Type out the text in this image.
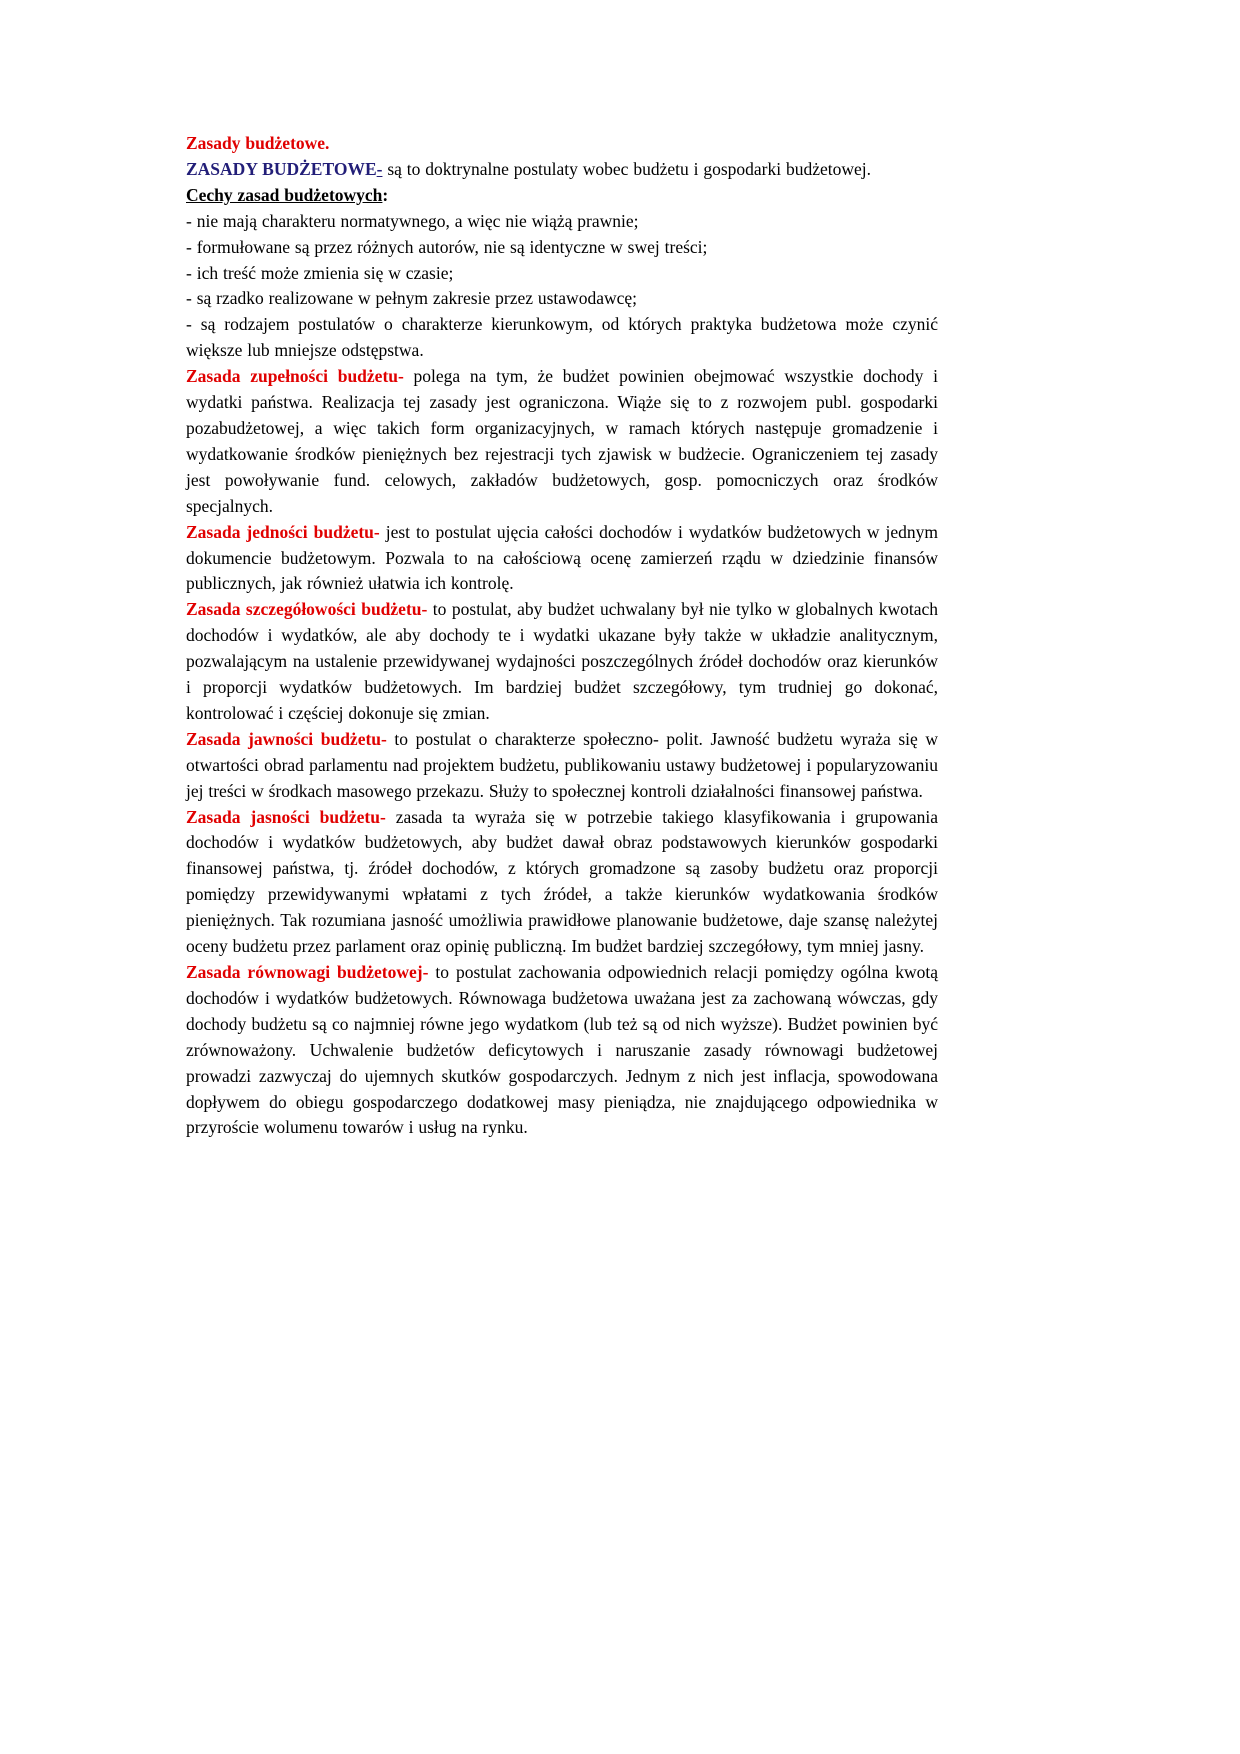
Zasady budżetowe.

ZASADY BUDŻETOWE- są to doktrynalne postulaty wobec budżetu i gospodarki budżetowej.

Cechy zasad budżetowych:

- nie mają charakteru normatywnego, a więc nie wiążą prawnie;

- formułowane są przez różnych autorów, nie są identyczne w swej treści;

- ich treść może zmienia się w czasie;

- są rzadko realizowane w pełnym zakresie przez ustawodawcę;

- są rodzajem postulatów o charakterze kierunkowym, od których praktyka budżetowa może czynić większe lub mniejsze odstępstwa.

Zasada zupełności budżetu- polega na tym, że budżet powinien obejmować wszystkie dochody i wydatki państwa. Realizacja tej zasady jest ograniczona. Wiąże się to z rozwojem publ. gospodarki pozabudżetowej, a więc takich form organizacyjnych, w ramach których następuje gromadzenie i wydatkowanie środków pieniężnych bez rejestracji tych zjawisk w budżecie. Ograniczeniem tej zasady jest powoływanie fund. celowych, zakładów budżetowych, gosp. pomocniczych oraz środków specjalnych.

Zasada jedności budżetu- jest to postulat ujęcia całości dochodów i wydatków budżetowych w jednym dokumencie budżetowym. Pozwala to na całościową ocenę zamierzeń rządu w dziedzinie finansów publicznych, jak również ułatwia ich kontrolę.

Zasada szczegółowości budżetu- to postulat, aby budżet uchwalany był nie tylko w globalnych kwotach dochodów i wydatków, ale aby dochody te i wydatki ukazane były także w układzie analitycznym, pozwalającym na ustalenie przewidywanej wydajności poszczególnych źródeł dochodów oraz kierunków i proporcji wydatków budżetowych. Im bardziej budżet szczegółowy, tym trudniej go dokonać, kontrolować i częściej dokonuje się zmian.

Zasada jawności budżetu- to postulat o charakterze społeczno- polit. Jawność budżetu wyraża się w otwartości obrad parlamentu nad projektem budżetu, publikowaniu ustawy budżetowej i popularyzowaniu jej treści w środkach masowego przekazu. Służy to społecznej kontroli działalności finansowej państwa.

Zasada jasności budżetu- zasada ta wyraża się w potrzebie takiego klasyfikowania i grupowania dochodów i wydatków budżetowych, aby budżet dawał obraz podstawowych kierunków gospodarki finansowej państwa, tj. źródeł dochodów, z których gromadzone są zasoby budżetu oraz proporcji pomiędzy przewidywanymi wpłatami z tych źródeł, a także kierunków wydatkowania środków pieniężnych. Tak rozumiana jasność umożliwia prawidłowe planowanie budżetowe, daje szansę należytej oceny budżetu przez parlament oraz opinię publiczną. Im budżet bardziej szczegółowy, tym mniej jasny.

Zasada równowagi budżetowej- to postulat zachowania odpowiednich relacji pomiędzy ogólna kwotą dochodów i wydatków budżetowych. Równowaga budżetowa uważana jest za zachowaną wówczas, gdy dochody budżetu są co najmniej równe jego wydatkom (lub też są od nich wyższe). Budżet powinien być zrównoważony. Uchwalenie budżetów deficytowych i naruszanie zasady równowagi budżetowej prowadzi zazwyczaj do ujemnych skutków gospodarczych. Jednym z nich jest inflacja, spowodowana dopływem do obiegu gospodarczego dodatkowej masy pieniądza, nie znajdującego odpowiednika w przyroście wolumenu towarów i usług na rynku.
